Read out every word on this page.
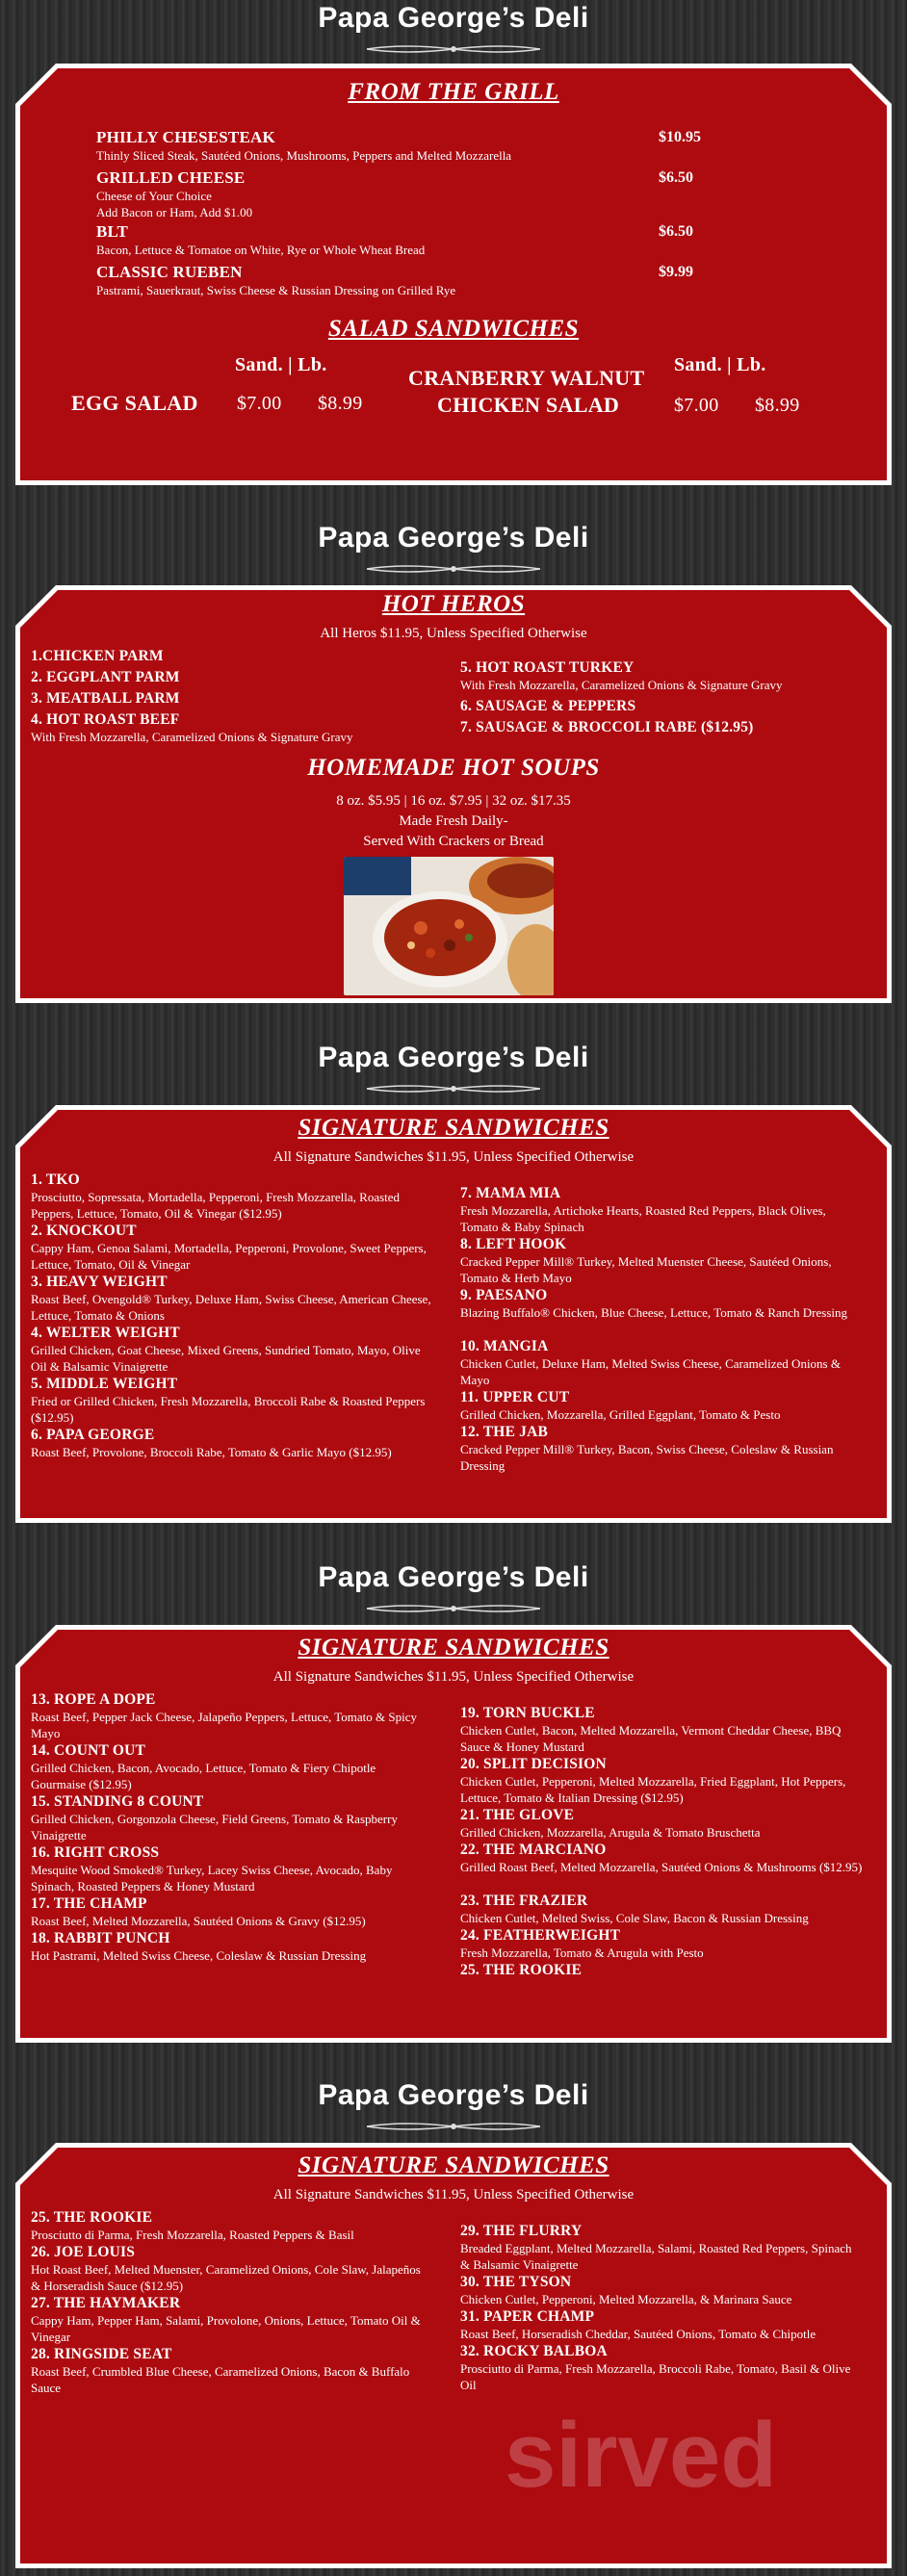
Papa George’s Deli
Papa George’s Deli
Papa George’s Deli
Papa George’s Deli
Papa George’s Deli
FROM THE GRILL
PHILLY CHESESTEAK
Thinly Sliced Steak, Sautéed Onions, Mushrooms, Peppers and Melted Mozzarella
$10.95
GRILLED CHEESE
Cheese of Your Choice
Add Bacon or Ham, Add $1.00
$6.50
BLT
Bacon, Lettuce & Tomatoe on White, Rye or Whole Wheat Bread
$6.50
CLASSIC RUEBEN
Pastrami, Sauerkraut, Swiss Cheese & Russian Dressing on Grilled Rye
$9.99
SALAD SANDWICHES
EGG SALAD
Sand. | Lb.
$7.00 $8.99
CRANBERRY WALNUT
CHICKEN SALAD
Sand. | Lb.
$7.00 $8.99
HOT HEROS
All Heros $11.95, Unless Specified Otherwise
1.CHICKEN PARM
2. EGGPLANT PARM
3. MEATBALL PARM
4. HOT ROAST BEEF
With Fresh Mozzarella, Caramelized Onions & Signature Gravy
5. HOT ROAST TURKEY
With Fresh Mozzarella, Caramelized Onions & Signature Gravy
6. SAUSAGE & PEPPERS
7. SAUSAGE & BROCCOLI RABE ($12.95)
HOMEMADE HOT SOUPS
8 oz. $5.95 | 16 oz. $7.95 | 32 oz. $17.35
Made Fresh Daily-
Served With Crackers or Bread
SIGNATURE SANDWICHES
All Signature Sandwiches $11.95, Unless Specified Otherwise
1. TKO
Prosciutto, Sopressata, Mortadella, Pepperoni, Fresh Mozzarella, Roasted Peppers, Lettuce, Tomato, Oil & Vinegar ($12.95)
2. KNOCKOUT
Cappy Ham, Genoa Salami, Mortadella, Pepperoni, Provolone, Sweet Peppers, Lettuce, Tomato, Oil & Vinegar
3. HEAVY WEIGHT
Roast Beef, Ovengold® Turkey, Deluxe Ham, Swiss Cheese, American Cheese, Lettuce, Tomato & Onions
4. WELTER WEIGHT
Grilled Chicken, Goat Cheese, Mixed Greens, Sundried Tomato, Mayo, Olive Oil & Balsamic Vinaigrette
5. MIDDLE WEIGHT
Fried or Grilled Chicken, Fresh Mozzarella, Broccoli Rabe & Roasted Peppers ($12.95)
6. PAPA GEORGE
Roast Beef, Provolone, Broccoli Rabe, Tomato & Garlic Mayo ($12.95)
7. MAMA MIA
Fresh Mozzarella, Artichoke Hearts, Roasted Red Peppers, Black Olives, Tomato & Baby Spinach
8. LEFT HOOK
Cracked Pepper Mill® Turkey, Melted Muenster Cheese, Sautéed Onions, Tomato & Herb Mayo
9. PAESANO
Blazing Buffalo® Chicken, Blue Cheese, Lettuce, Tomato & Ranch Dressing
10. MANGIA
Chicken Cutlet, Deluxe Ham, Melted Swiss Cheese, Caramelized Onions & Mayo
11. UPPER CUT
Grilled Chicken, Mozzarella, Grilled Eggplant, Tomato & Pesto
12. THE JAB
Cracked Pepper Mill® Turkey, Bacon, Swiss Cheese, Coleslaw & Russian Dressing
SIGNATURE SANDWICHES
All Signature Sandwiches $11.95, Unless Specified Otherwise
13. ROPE A DOPE
Roast Beef, Pepper Jack Cheese, Jalapeño Peppers, Lettuce, Tomato & Spicy Mayo
14. COUNT OUT
Grilled Chicken, Bacon, Avocado, Lettuce, Tomato & Fiery Chipotle Gourmaise ($12.95)
15. STANDING 8 COUNT
Grilled Chicken, Gorgonzola Cheese, Field Greens, Tomato & Raspberry Vinaigrette
16. RIGHT CROSS
Mesquite Wood Smoked® Turkey, Lacey Swiss Cheese, Avocado, Baby Spinach, Roasted Peppers & Honey Mustard
17. THE CHAMP
Roast Beef, Melted Mozzarella, Sautéed Onions & Gravy ($12.95)
18. RABBIT PUNCH
Hot Pastrami, Melted Swiss Cheese, Coleslaw & Russian Dressing
19. TORN BUCKLE
Chicken Cutlet, Bacon, Melted Mozzarella, Vermont Cheddar Cheese, BBQ Sauce & Honey Mustard
20. SPLIT DECISION
Chicken Cutlet, Pepperoni, Melted Mozzarella, Fried Eggplant, Hot Peppers, Lettuce, Tomato & Italian Dressing ($12.95)
21. THE GLOVE
Grilled Chicken, Mozzarella, Arugula & Tomato Bruschetta
22. THE MARCIANO
Grilled Roast Beef, Melted Mozzarella, Sautéed Onions & Mushrooms ($12.95)
23. THE FRAZIER
Chicken Cutlet, Melted Swiss, Cole Slaw, Bacon & Russian Dressing
24. FEATHERWEIGHT
Fresh Mozzarella, Tomato & Arugula with Pesto
25. THE ROOKIE
SIGNATURE SANDWICHES
All Signature Sandwiches $11.95, Unless Specified Otherwise
25. THE ROOKIE
Prosciutto di Parma, Fresh Mozzarella, Roasted Peppers & Basil
26. JOE LOUIS
Hot Roast Beef, Melted Muenster, Caramelized Onions, Cole Slaw, Jalapeños & Horseradish Sauce ($12.95)
27. THE HAYMAKER
Cappy Ham, Pepper Ham, Salami, Provolone, Onions, Lettuce, Tomato Oil & Vinegar
28. RINGSIDE SEAT
Roast Beef, Crumbled Blue Cheese, Caramelized Onions, Bacon & Buffalo Sauce
29. THE FLURRY
Breaded Eggplant, Melted Mozzarella, Salami, Roasted Red Peppers, Spinach & Balsamic Vinaigrette
30. THE TYSON
Chicken Cutlet, Pepperoni, Melted Mozzarella, & Marinara Sauce
31. PAPER CHAMP
Roast Beef, Horseradish Cheddar, Sautéed Onions, Tomato & Chipotle
32. ROCKY BALBOA
Prosciutto di Parma, Fresh Mozzarella, Broccoli Rabe, Tomato, Basil & Olive Oil
sirved
